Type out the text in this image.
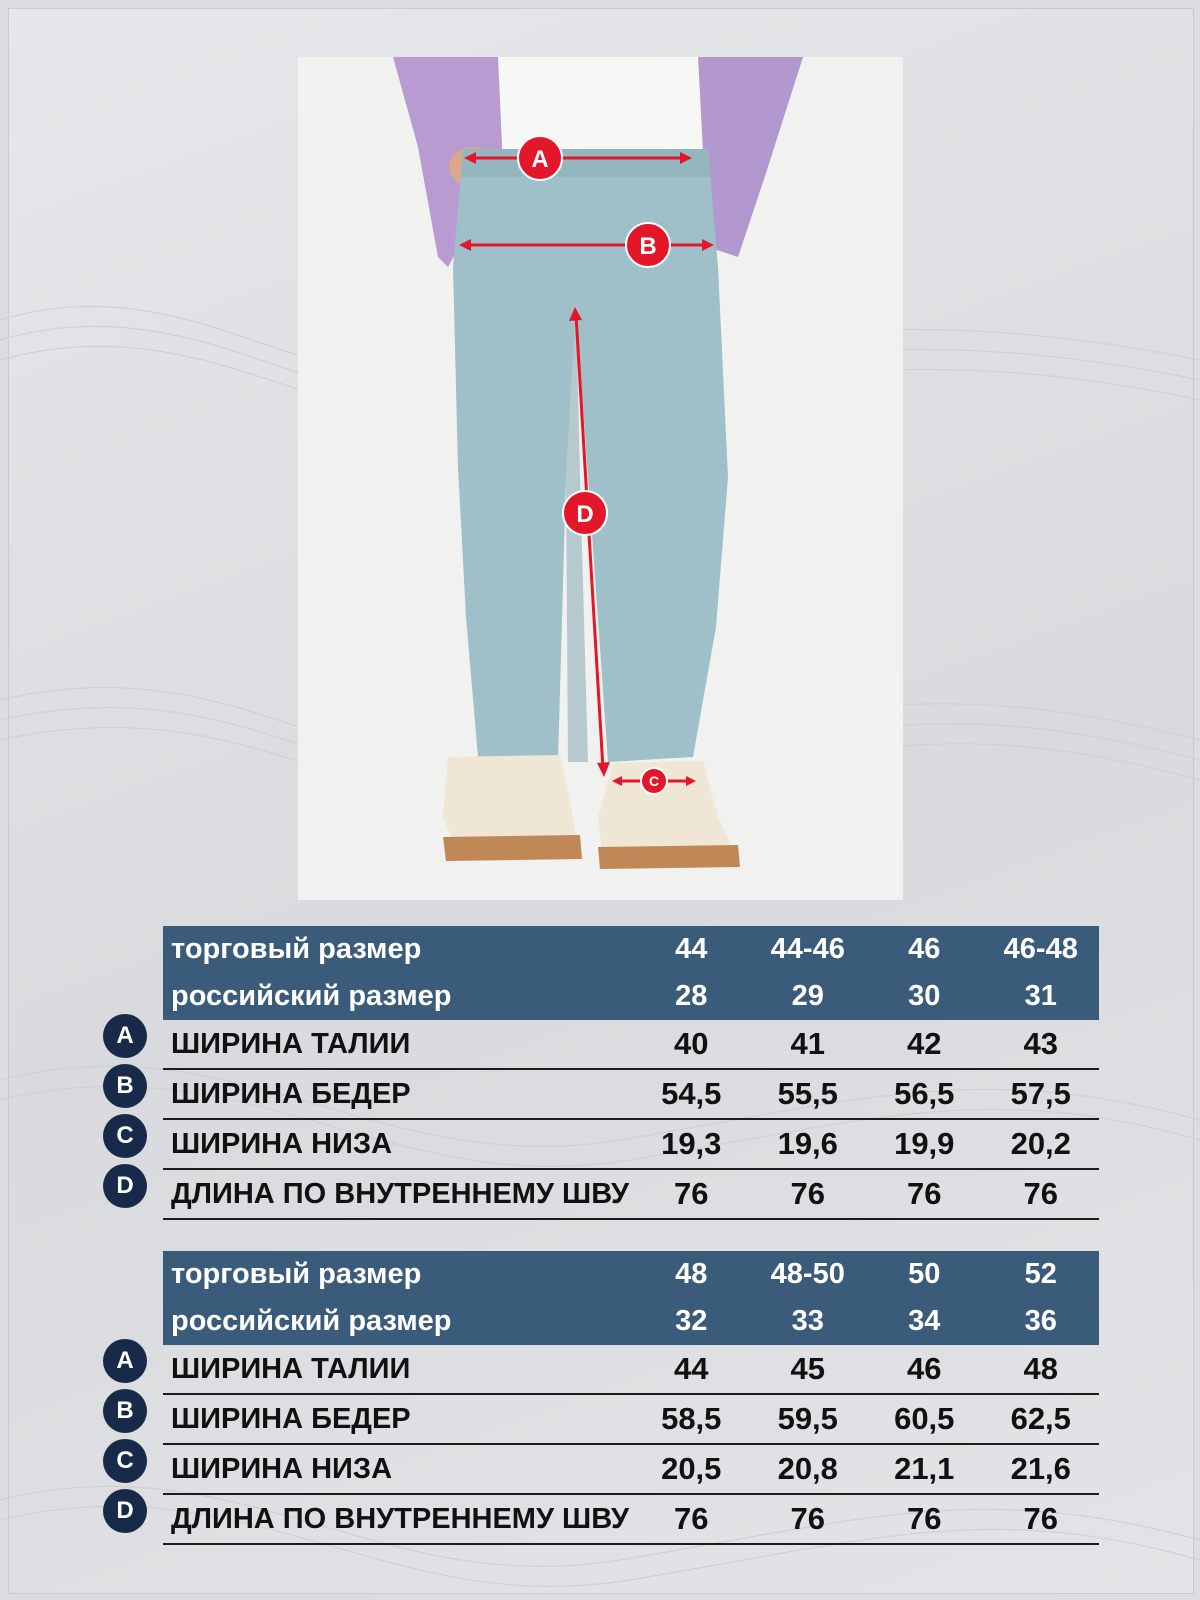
A
B
D
C
торговый размер	44	44-46	46	46-48
российский размер	28	29	30	31
ШИРИНА ТАЛИИ	40	41	42	43
ШИРИНА БЕДЕР	54,5	55,5	56,5	57,5
ШИРИНА НИЗА	19,3	19,6	19,9	20,2
ДЛИНА ПО ВНУТРЕННЕМУ ШВУ	76	76	76	76
A
B
C
D
торговый размер	48	48-50	50	52
российский размер	32	33	34	36
ШИРИНА ТАЛИИ	44	45	46	48
ШИРИНА БЕДЕР	58,5	59,5	60,5	62,5
ШИРИНА НИЗА	20,5	20,8	21,1	21,6
ДЛИНА ПО ВНУТРЕННЕМУ ШВУ	76	76	76	76
A
B
C
D
